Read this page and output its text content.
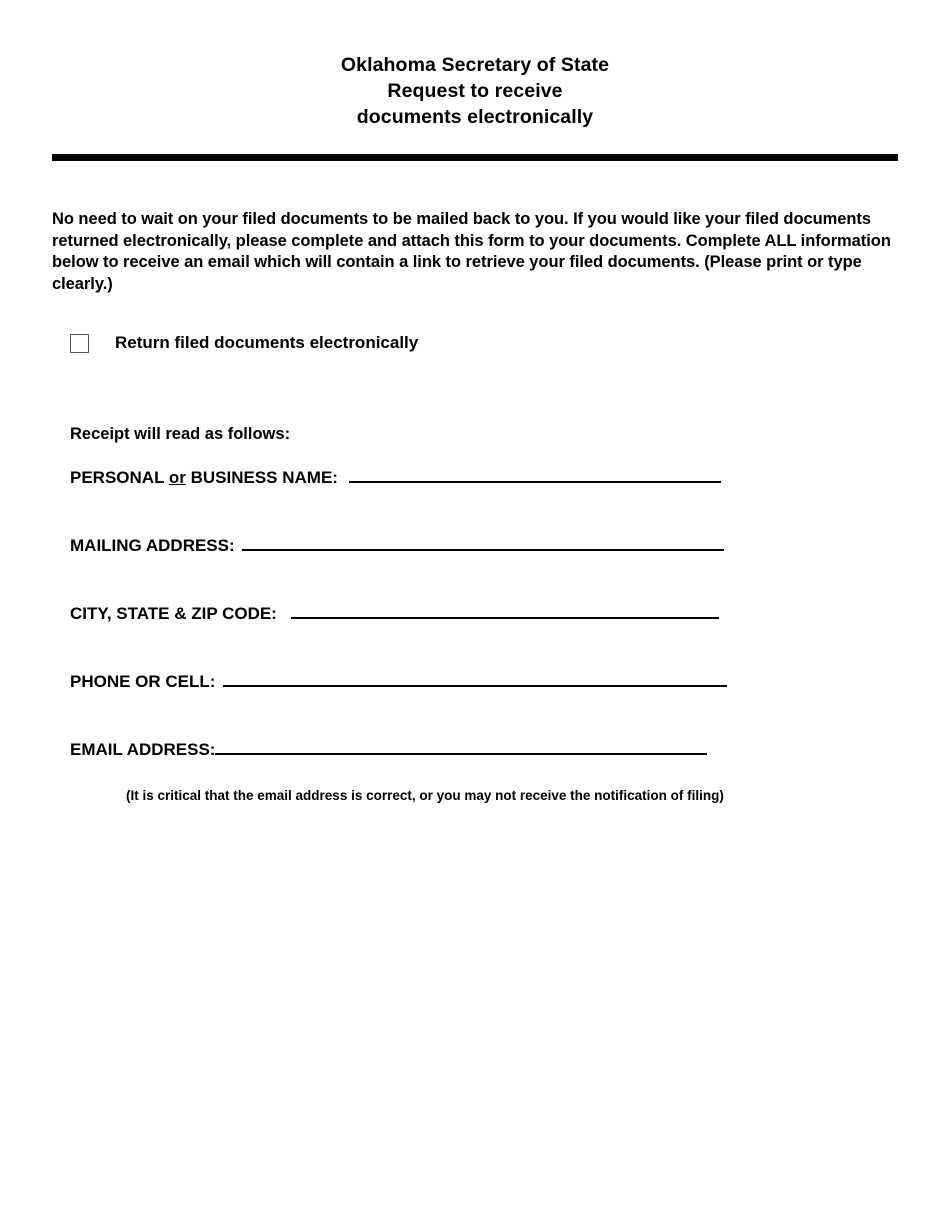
Oklahoma Secretary of State
Request to receive
documents electronically
No need to wait on your filed documents to be mailed back to you. If you would like your filed documents returned electronically, please complete and attach this form to your documents. Complete ALL information below to receive an email which will contain a link to retrieve your filed documents. (Please print or type clearly.)
Return filed documents electronically
Receipt will read as follows:
PERSONAL or BUSINESS NAME:
MAILING ADDRESS:
CITY, STATE & ZIP CODE:
PHONE OR CELL:
EMAIL ADDRESS:
(It is critical that the email address is correct, or you may not receive the notification of filing)
